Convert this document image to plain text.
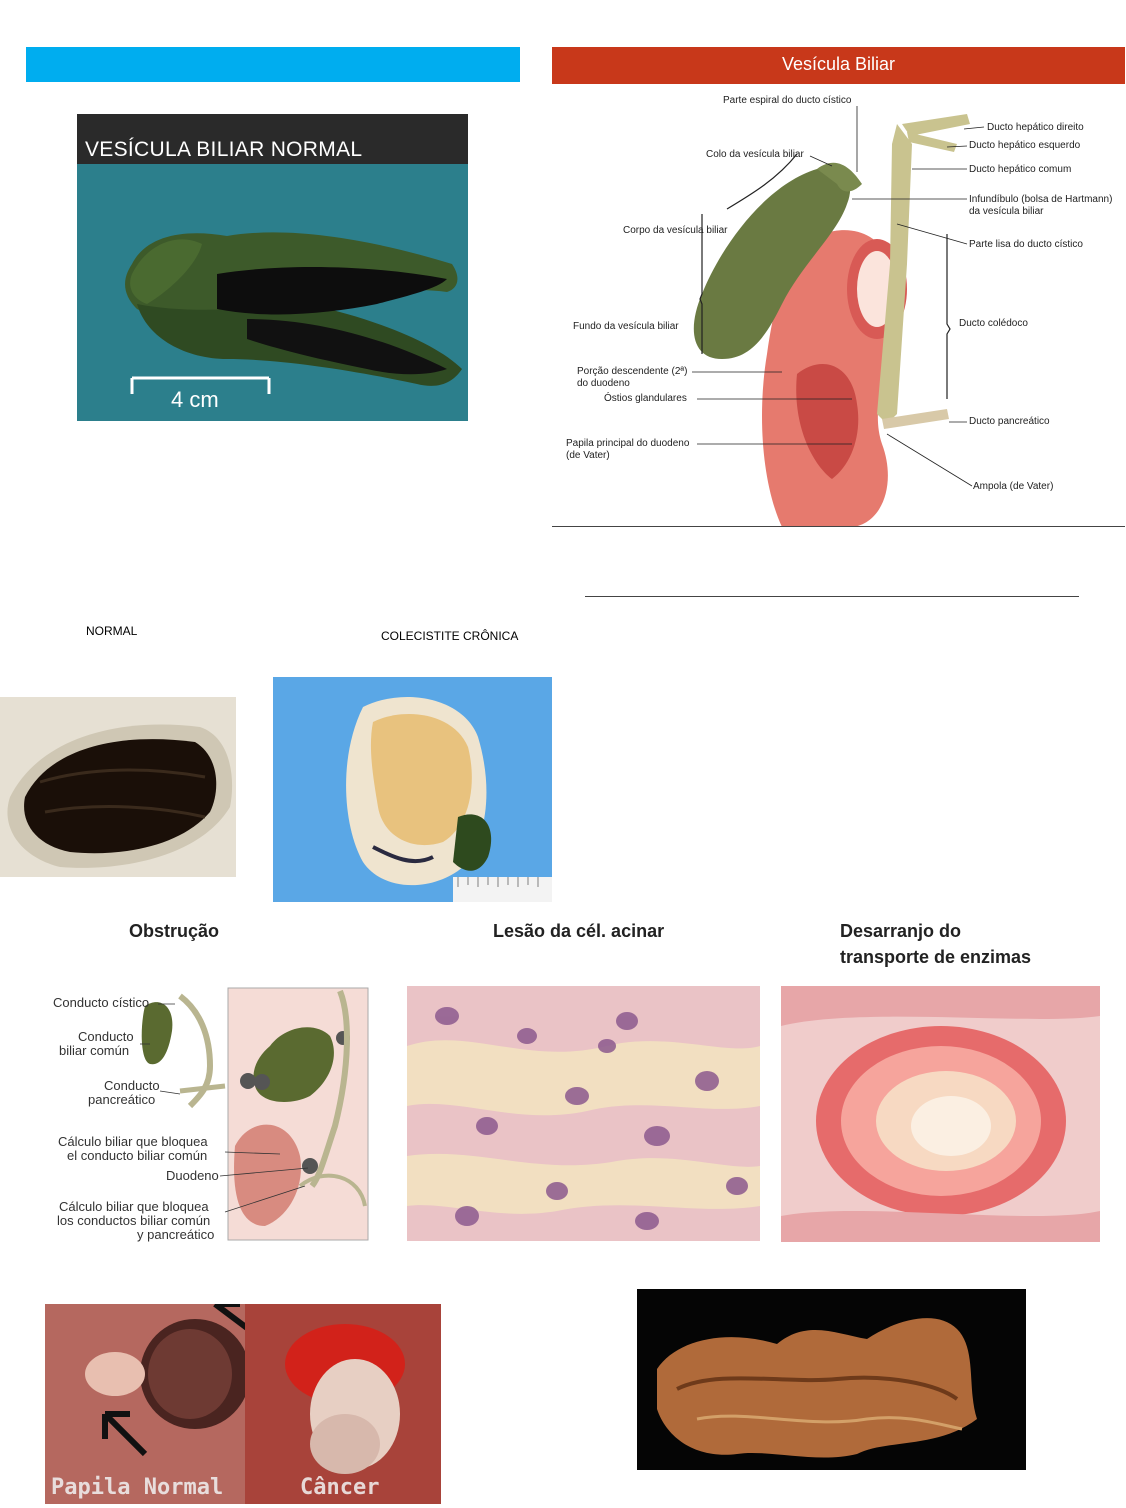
VESÍCULA BILIAR NORMAL
4 cm
Vesícula Biliar
Parte espiral do ducto cístico
Colo da vesícula biliar
Corpo da vesícula biliar
Fundo da vesícula biliar
Porção descendente (2ª)
do duodeno
Óstios glandulares
Papila principal do duodeno
(de Vater)
Ducto hepático direito
Ducto hepático esquerdo
Ducto hepático comum
Infundíbulo (bolsa de Hartmann)
da vesícula biliar
Parte lisa do ducto cístico
Ducto colédoco
Ducto pancreático
Ampola (de Vater)
NORMAL	COLECISTITE CRÔNICA
Obstrução	Lesão da cél. acinar	Desarranjo do
transporte de enzimas
Conducto cístico
Conducto
biliar común
Conducto
pancreático
Cálculo biliar que bloquea
el conducto biliar común
Duodeno
Cálculo biliar que bloquea
los conductos biliar común
y pancreático
Papila Normal	Câncer
